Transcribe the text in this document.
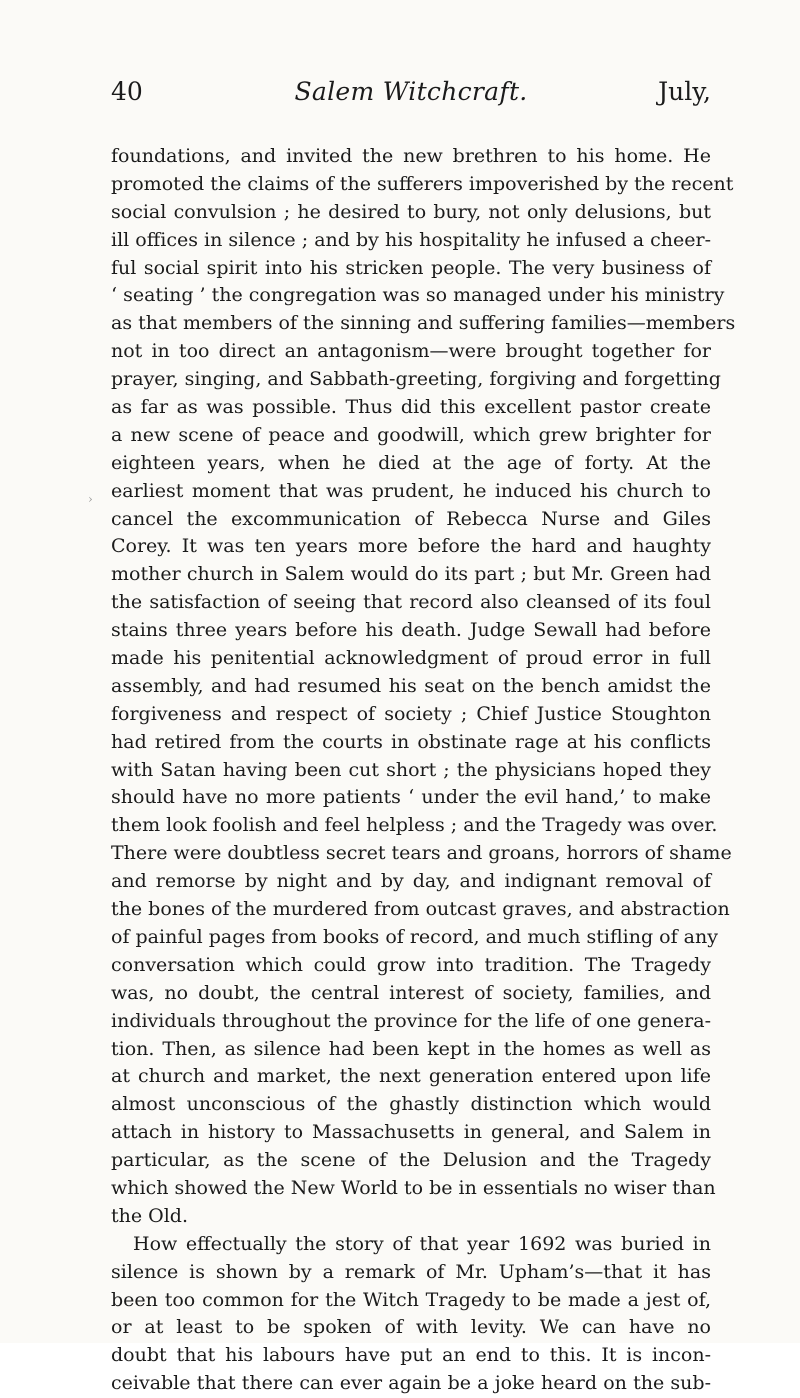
40	Salem Witchcraft.	July,
›
foundations, and invited the new brethren to his home. He
promoted the claims of the sufferers impoverished by the recent
social convulsion ; he desired to bury, not only delusions, but
ill offices in silence ; and by his hospitality he infused a cheer-
ful social spirit into his stricken people. The very business of
‘ seating ’ the congregation was so managed under his ministry
as that members of the sinning and suffering families—members
not in too direct an antagonism—were brought together for
prayer, singing, and Sabbath-greeting, forgiving and forgetting
as far as was possible. Thus did this excellent pastor create
a new scene of peace and goodwill, which grew brighter for
eighteen years, when he died at the age of forty. At the
earliest moment that was prudent, he induced his church to
cancel the excommunication of Rebecca Nurse and Giles
Corey. It was ten years more before the hard and haughty
mother church in Salem would do its part ; but Mr. Green had
the satisfaction of seeing that record also cleansed of its foul
stains three years before his death. Judge Sewall had before
made his penitential acknowledgment of proud error in full
assembly, and had resumed his seat on the bench amidst the
forgiveness and respect of society ; Chief Justice Stoughton
had retired from the courts in obstinate rage at his conflicts
with Satan having been cut short ; the physicians hoped they
should have no more patients ‘ under the evil hand,’ to make
them look foolish and feel helpless ; and the Tragedy was over.
There were doubtless secret tears and groans, horrors of shame
and remorse by night and by day, and indignant removal of
the bones of the murdered from outcast graves, and abstraction
of painful pages from books of record, and much stifling of any
conversation which could grow into tradition. The Tragedy
was, no doubt, the central interest of society, families, and
individuals throughout the province for the life of one genera-
tion. Then, as silence had been kept in the homes as well as
at church and market, the next generation entered upon life
almost unconscious of the ghastly distinction which would
attach in history to Massachusetts in general, and Salem in
particular, as the scene of the Delusion and the Tragedy
which showed the New World to be in essentials no wiser than
the Old.
How effectually the story of that year 1692 was buried in
silence is shown by a remark of Mr. Upham’s—that it has
been too common for the Witch Tragedy to be made a jest of,
or at least to be spoken of with levity. We can have no
doubt that his labours have put an end to this. It is incon-
ceivable that there can ever again be a joke heard on the sub-
